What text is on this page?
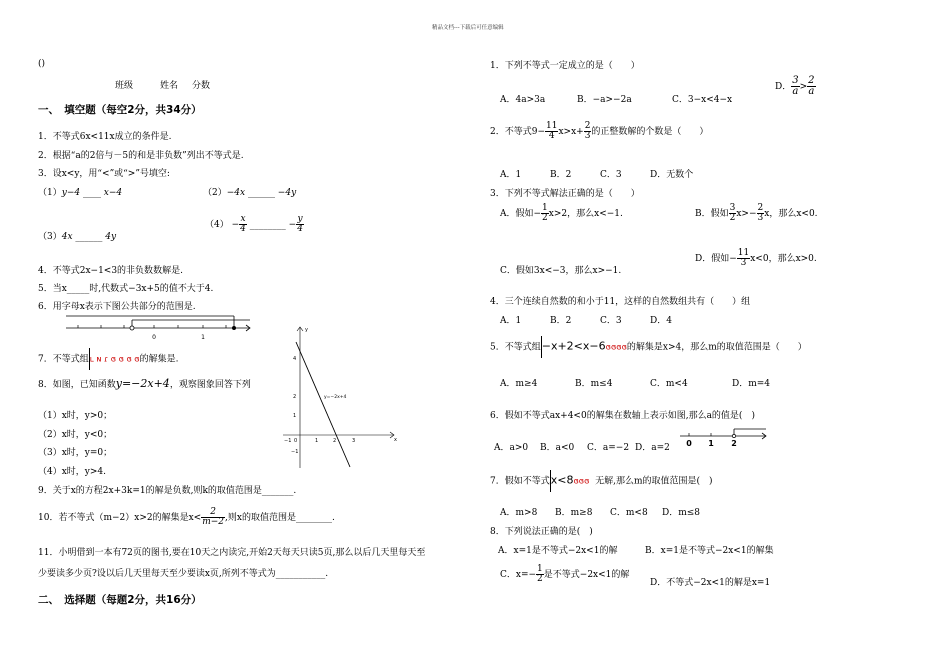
精品文档---下载后可任意编辑
()
班级	姓名 分数
一、　填空题（每空2分，共34分）
1．不等式6x<11x成立的条件是.
2．根据“a的2倍与－5的和是非负数”列出不等式是.
3．设x<y，用“<”或“>”号填空:
（1）y−4 ____ x−4	（2）−4x ______ −4y
（3）4x ______ 4y
$(4) - \frac{x}{4}$ ________ − $\frac{y}{4}$
4．不等式2x−1<3的非负数数解是.
5．当x_____时,代数式−3x+5的值不大于4.
6．用字母x表示下图公共部分的范围是.
0	1
7．不等式组ʟ ɴ ɾ ɞ ɞ ɞ ɞ的解集是.
8．如图，已知函数y=−2x+4，观察图象回答下列
（1）x时，y>0；
（2）x时，y<0；
（3）x时，y=0；
（4）x时，y>4.
x
y
y=−2x+4
−1 0	1	2	3
4
2
1
−1
9．关于x的方程2x+3k=1的解是负数,则k的取值范围是_______.
10．若不等式（m−2）x>2的解集是$x< \frac{2}{m-2}$ ,则x的取值范围是________.
11．小明借到一本有72页的图书,要在10天之内读完,开始2天每天只读5页,那么以后几天里每天至
少要读多少页?设以后几天里每天至少要读x页,所列不等式为___________.
二、　选择题（每题2分，共16分）
1．下列不等式一定成立的是（　　）
A．4a>3a	B．−a>−2a	C．3−x<4−x
D． $\frac{3}{a} > \frac{2}{a}$
2．不等式$9- \frac{11}{4} x>x+ \frac{2}{3}$ 的正整数解的个数是（　　）
A．1	B．2	C．3	D．无数个
3．下列不等式解法正确的是（　　）
A．假如− $\frac{1}{2} x>2$，那么x<−1.	B．假如 $\frac{3}{2} x>- \frac{2}{3}$ x，那么x<0.
C．假如3x<−3，那么x>−1.
D．假如− $\frac{11}{3} x<0$，那么x>0.
4．三个连续自然数的和小于11，这样的自然数组共有（　　）组
A．1	B．2	C．3	D．4
5．不等式组−x+2<x−6ɞɞɞɞ的解集是x>4，那么m的取值范围是（　　）
A．m≥4	B．m≤4	C．m<4	D．m=4
6．假如不等式ax+4<0的解集在数轴上表示如图,那么a的值是(　)
A．a>0 B．a<0 C．a=−2 D．a=2 0 1 2
7．假如不等式x<8ɞɞɞ 无解,那么m的取值范围是(　)
A．m>8 B．m≥8 C．m<8 D．m≤8
8．下列说法正确的是(　)
A．x=1是不等式−2x<1的解	B．x=1是不等式−2x<1的解集
C．$x=- \frac{1}{2}$ 是不等式−2x<1的解
D．不等式−2x<1的解是x=1
